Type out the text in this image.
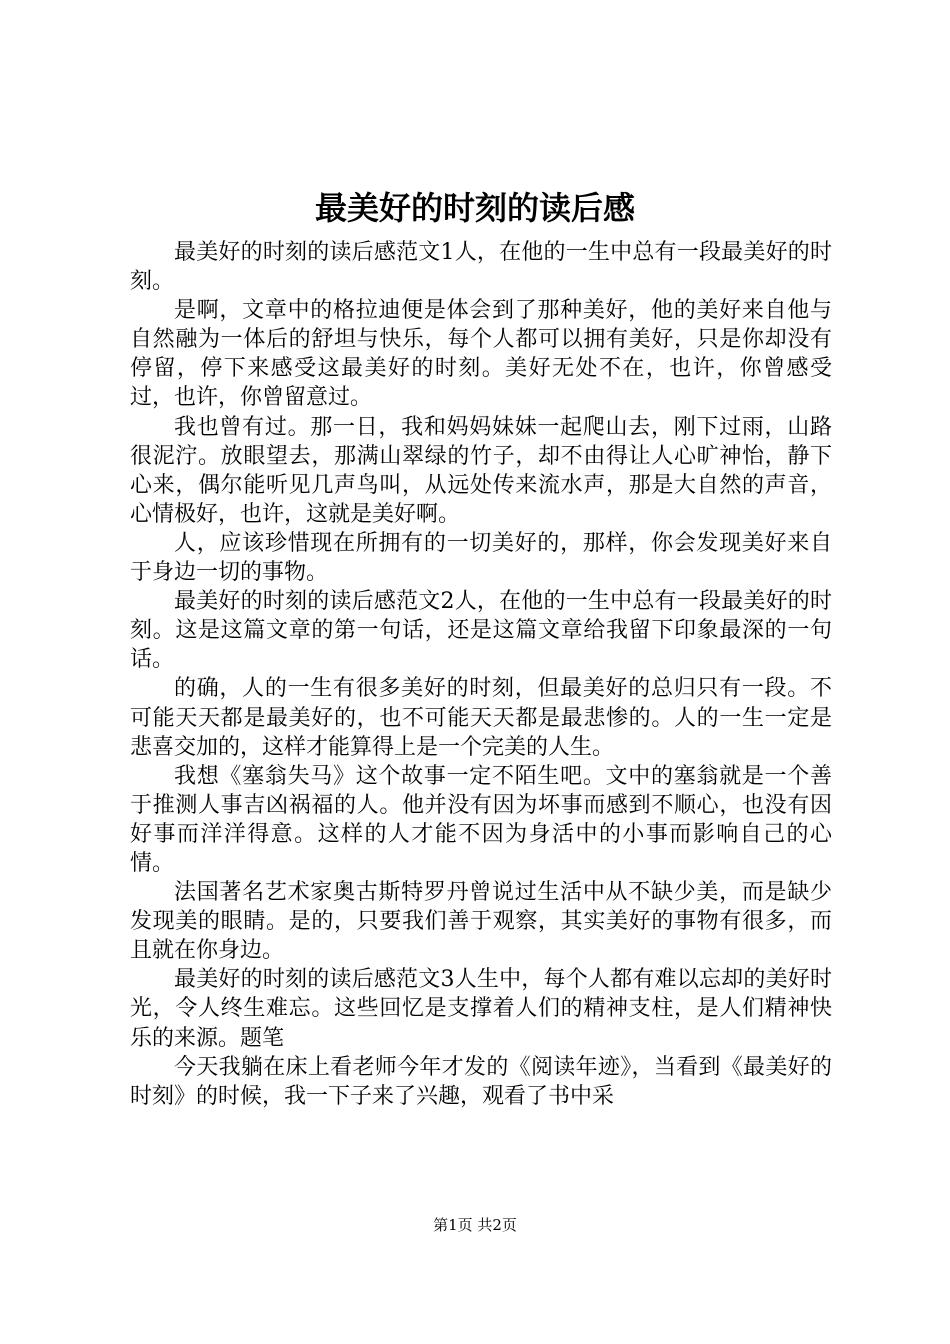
最美好的时刻的读后感

最美好的时刻的读后感范文1人，在他的一生中总有一段最美好的时刻。

是啊，文章中的格拉迪便是体会到了那种美好，他的美好来自他与自然融为一体后的舒坦与快乐，每个人都可以拥有美好，只是你却没有停留，停下来感受这最美好的时刻。美好无处不在，也许，你曾感受过，也许，你曾留意过。

我也曾有过。那一日，我和妈妈妹妹一起爬山去，刚下过雨，山路很泥泞。放眼望去，那满山翠绿的竹子，却不由得让人心旷神怡，静下心来，偶尔能听见几声鸟叫，从远处传来流水声，那是大自然的声音，心情极好，也许，这就是美好啊。

人，应该珍惜现在所拥有的一切美好的，那样，你会发现美好来自于身边一切的事物。

最美好的时刻的读后感范文2人，在他的一生中总有一段最美好的时刻。这是这篇文章的第一句话，还是这篇文章给我留下印象最深的一句话。

的确，人的一生有很多美好的时刻，但最美好的总归只有一段。不可能天天都是最美好的，也不可能天天都是最悲惨的。人的一生一定是悲喜交加的，这样才能算得上是一个完美的人生。

我想《塞翁失马》这个故事一定不陌生吧。文中的塞翁就是一个善于推测人事吉凶祸福的人。他并没有因为坏事而感到不顺心，也没有因好事而洋洋得意。这样的人才能不因为身活中的小事而影响自己的心情。

法国著名艺术家奥古斯特罗丹曾说过生活中从不缺少美，而是缺少发现美的眼睛。是的，只要我们善于观察，其实美好的事物有很多，而且就在你身边。

最美好的时刻的读后感范文3人生中，每个人都有难以忘却的美好时光，令人终生难忘。这些回忆是支撑着人们的精神支柱，是人们精神快乐的来源。题笔

今天我躺在床上看老师今年才发的《阅读年迹》，当看到《最美好的时刻》的时候，我一下子来了兴趣，观看了书中采

第1页 共2页
